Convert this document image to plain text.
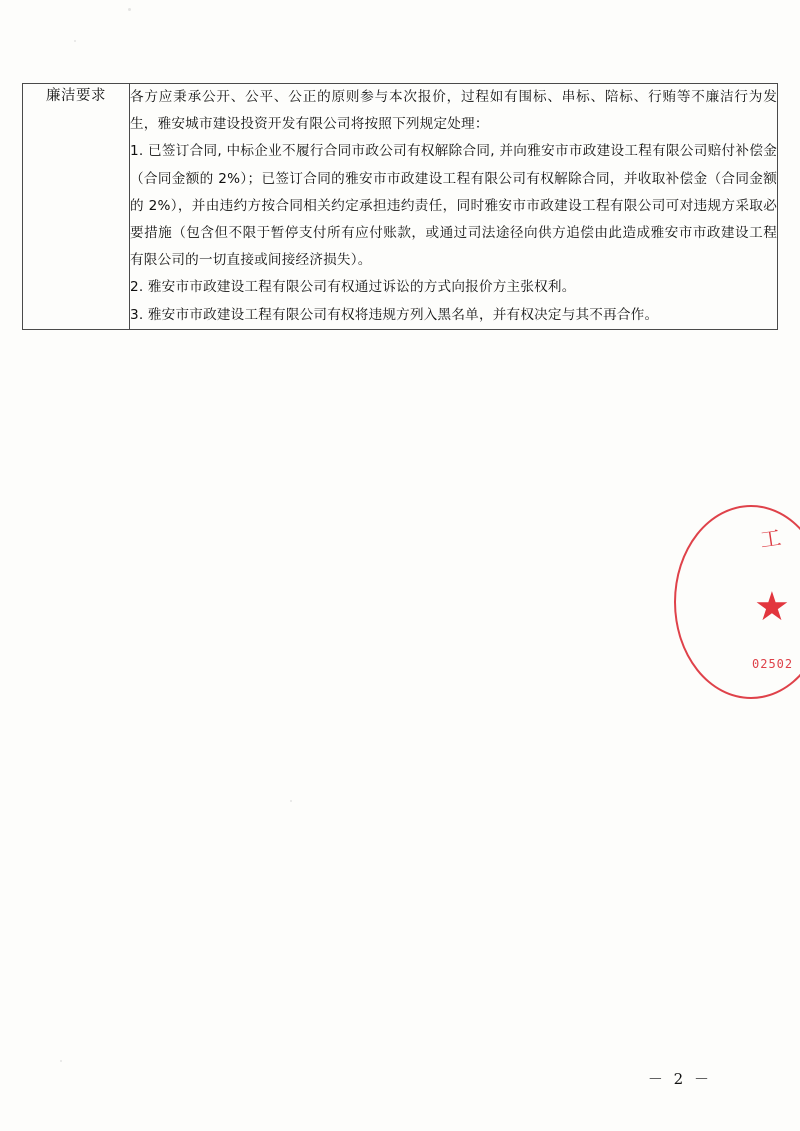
廉洁要求	各方应秉承公开、公平、公正的原则参与本次报价，过程如有围标、串标、陪标、行贿等不廉洁行为发生，雅安城市建设投资开发有限公司将按照下列规定处理：

1. 已签订合同, 中标企业不履行合同市政公司有权解除合同, 并向雅安市市政建设工程有限公司赔付补偿金（合同金额的 2%）；已签订合同的雅安市市政建设工程有限公司有权解除合同，并收取补偿金（合同金额的 2%），并由违约方按合同相关约定承担违约责任，同时雅安市市政建设工程有限公司可对违规方采取必要措施（包含但不限于暂停支付所有应付账款，或通过司法途径向供方追偿由此造成雅安市市政建设工程有限公司的一切直接或间接经济损失）。

2. 雅安市市政建设工程有限公司有权通过诉讼的方式向报价方主张权利。

3. 雅安市市政建设工程有限公司有权将违规方列入黑名单，并有权决定与其不再合作。

工
★
02502
－ 2 －
